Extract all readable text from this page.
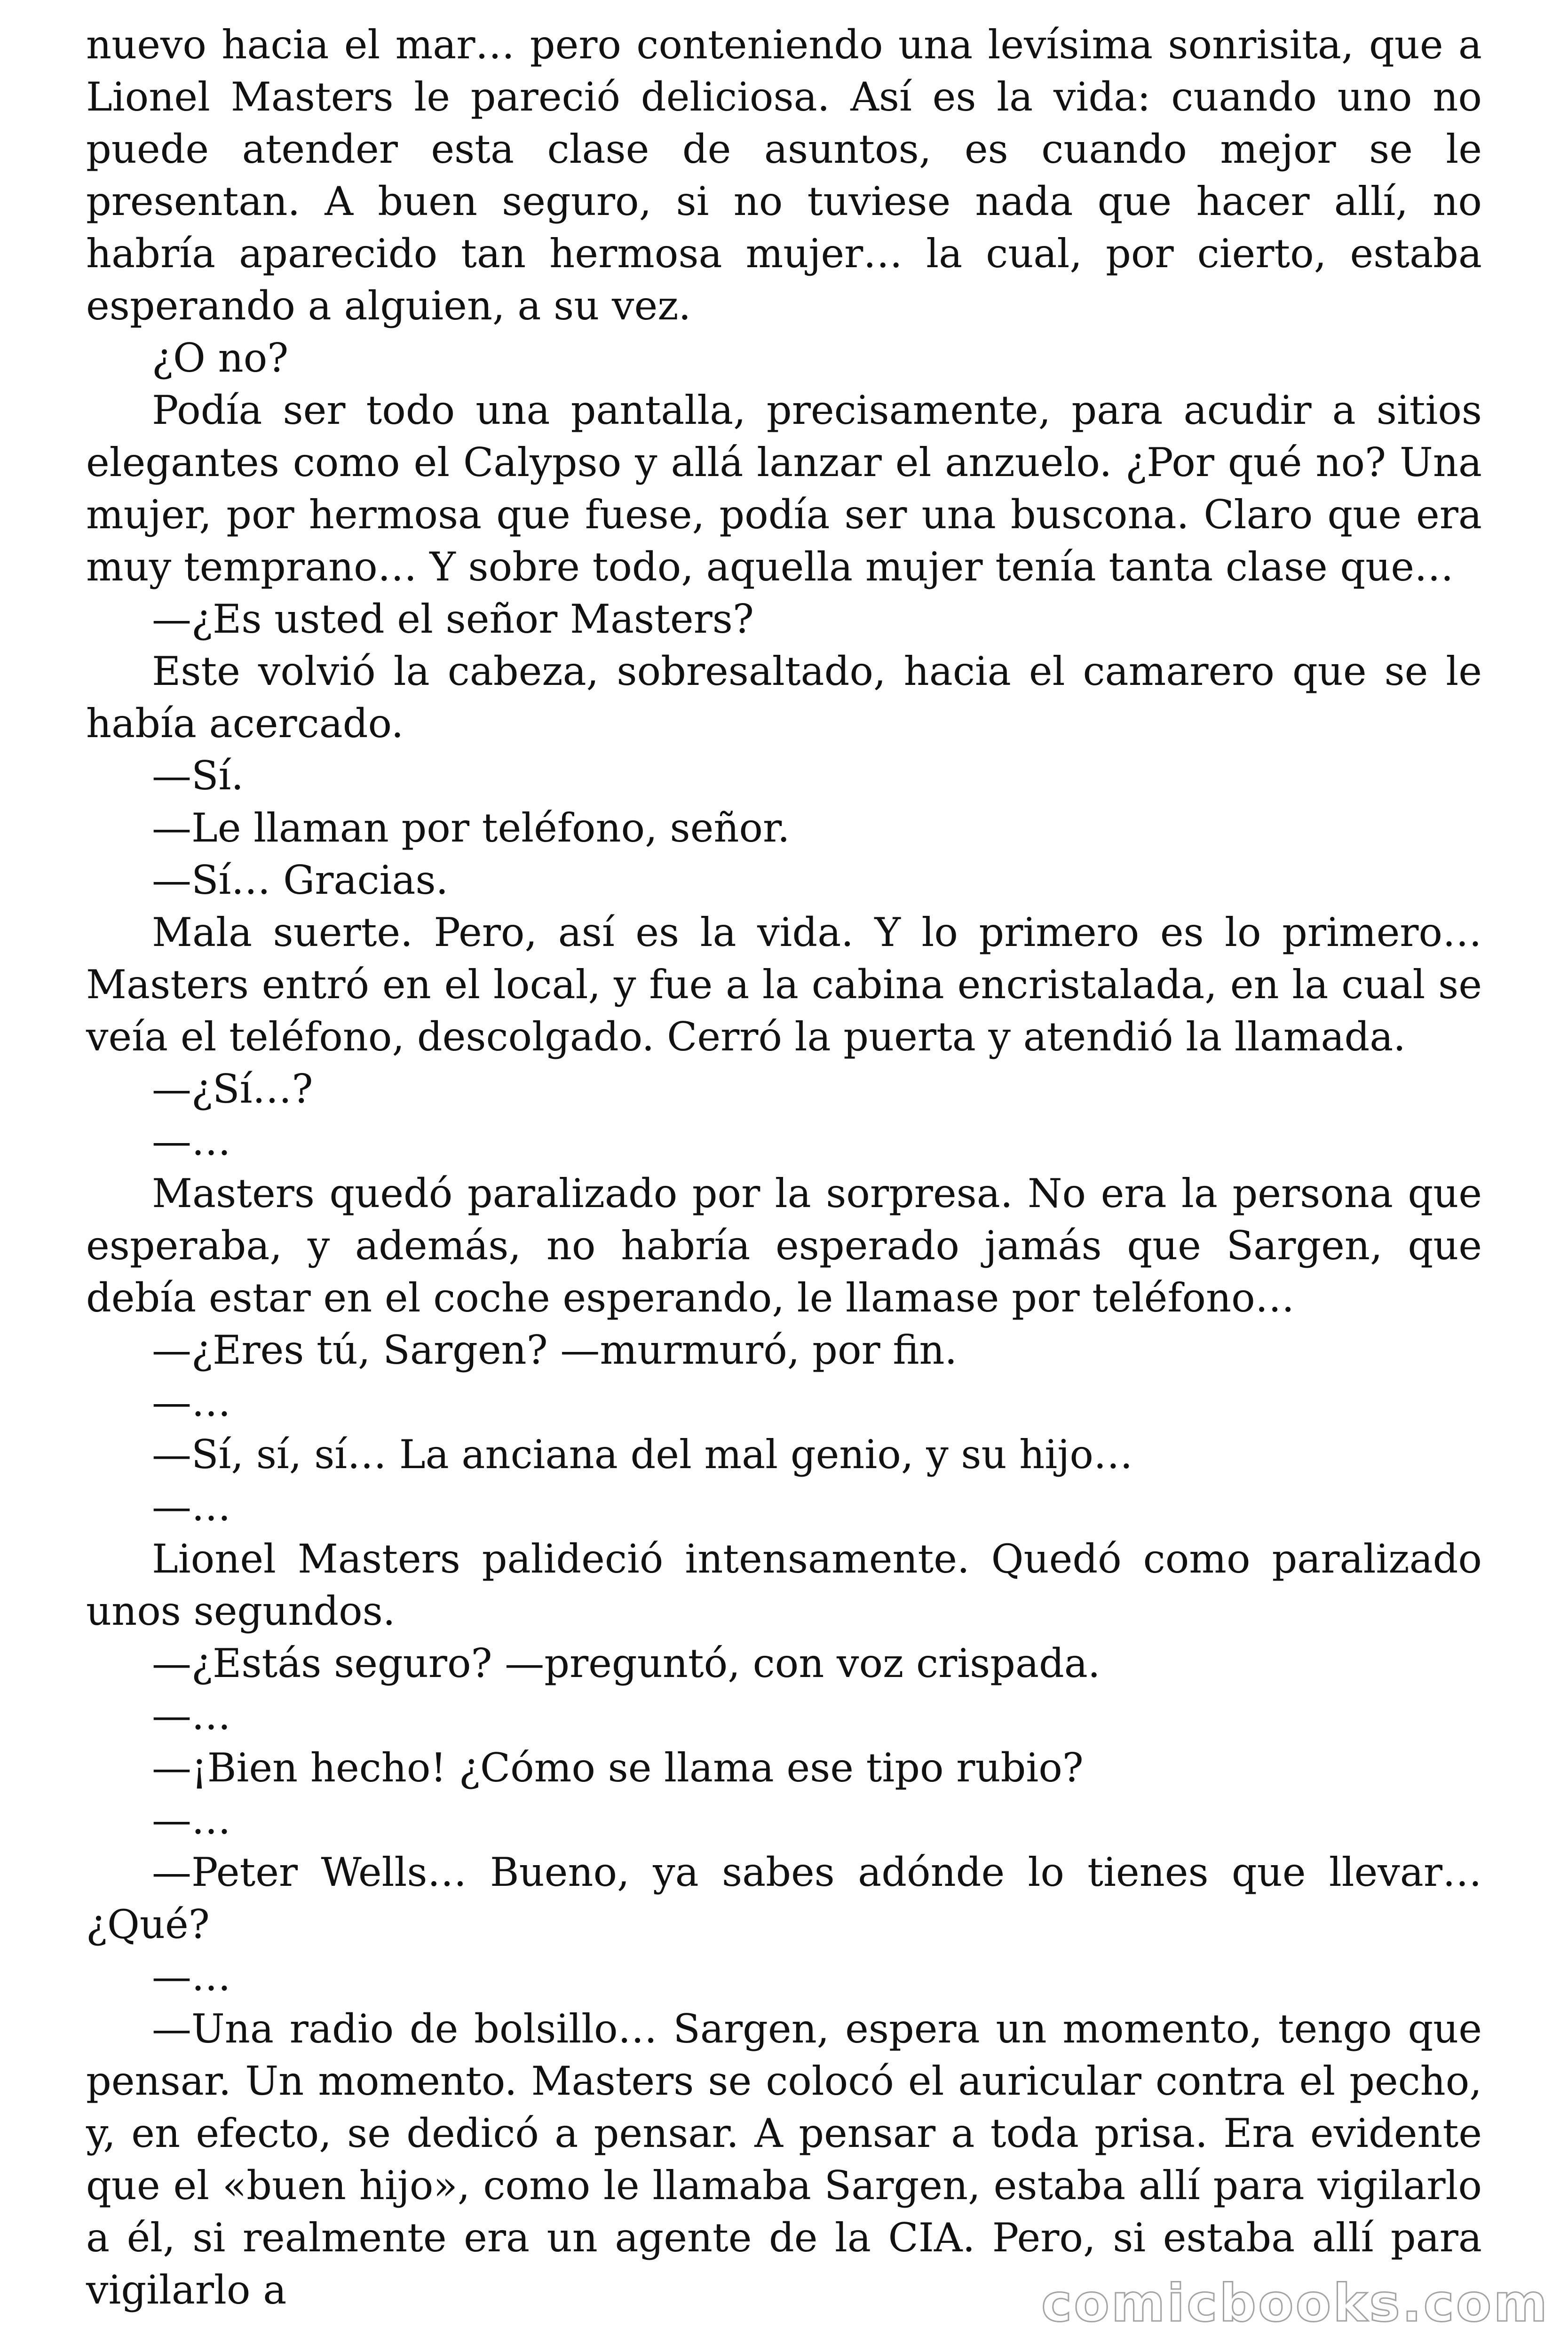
nuevo hacia el mar… pero conteniendo una levísima sonrisita, que a Lionel Masters le pareció deliciosa. Así es la vida: cuando uno no puede atender esta clase de asuntos, es cuando mejor se le presentan. A buen seguro, si no tuviese nada que hacer allí, no habría aparecido tan hermosa mujer… la cual, por cierto, estaba esperando a alguien, a su vez.

¿O no?

Podía ser todo una pantalla, precisamente, para acudir a sitios elegantes como el Calypso y allá lanzar el anzuelo. ¿Por qué no? Una mujer, por hermosa que fuese, podía ser una buscona. Claro que era muy temprano… Y sobre todo, aquella mujer tenía tanta clase que…

—¿Es usted el señor Masters?

Este volvió la cabeza, sobresaltado, hacia el camarero que se le había acercado.

—Sí.

—Le llaman por teléfono, señor.

—Sí… Gracias.

Mala suerte. Pero, así es la vida. Y lo primero es lo primero… Masters entró en el local, y fue a la cabina encristalada, en la cual se veía el teléfono, descolgado. Cerró la puerta y atendió la llamada.

—¿Sí…?

—…

Masters quedó paralizado por la sorpresa. No era la persona que esperaba, y además, no habría esperado jamás que Sargen, que debía estar en el coche esperando, le llamase por teléfono…

—¿Eres tú, Sargen? —murmuró, por fin.

—…

—Sí, sí, sí… La anciana del mal genio, y su hijo…

—…

Lionel Masters palideció intensamente. Quedó como paralizado unos segundos.

—¿Estás seguro? —preguntó, con voz crispada.

—…

—¡Bien hecho! ¿Cómo se llama ese tipo rubio?

—…

—Peter Wells… Bueno, ya sabes adónde lo tienes que llevar… ¿Qué?

—…

—Una radio de bolsillo… Sargen, espera un momento, tengo que pensar. Un momento. Masters se colocó el auricular contra el pecho, y, en efecto, se dedicó a pensar. A pensar a toda prisa. Era evidente que el «buen hijo», como le llamaba Sargen, estaba allí para vigilarlo a él, si realmente era un agente de la CIA. Pero, si estaba allí para vigilarlo a	comicbooks.com
